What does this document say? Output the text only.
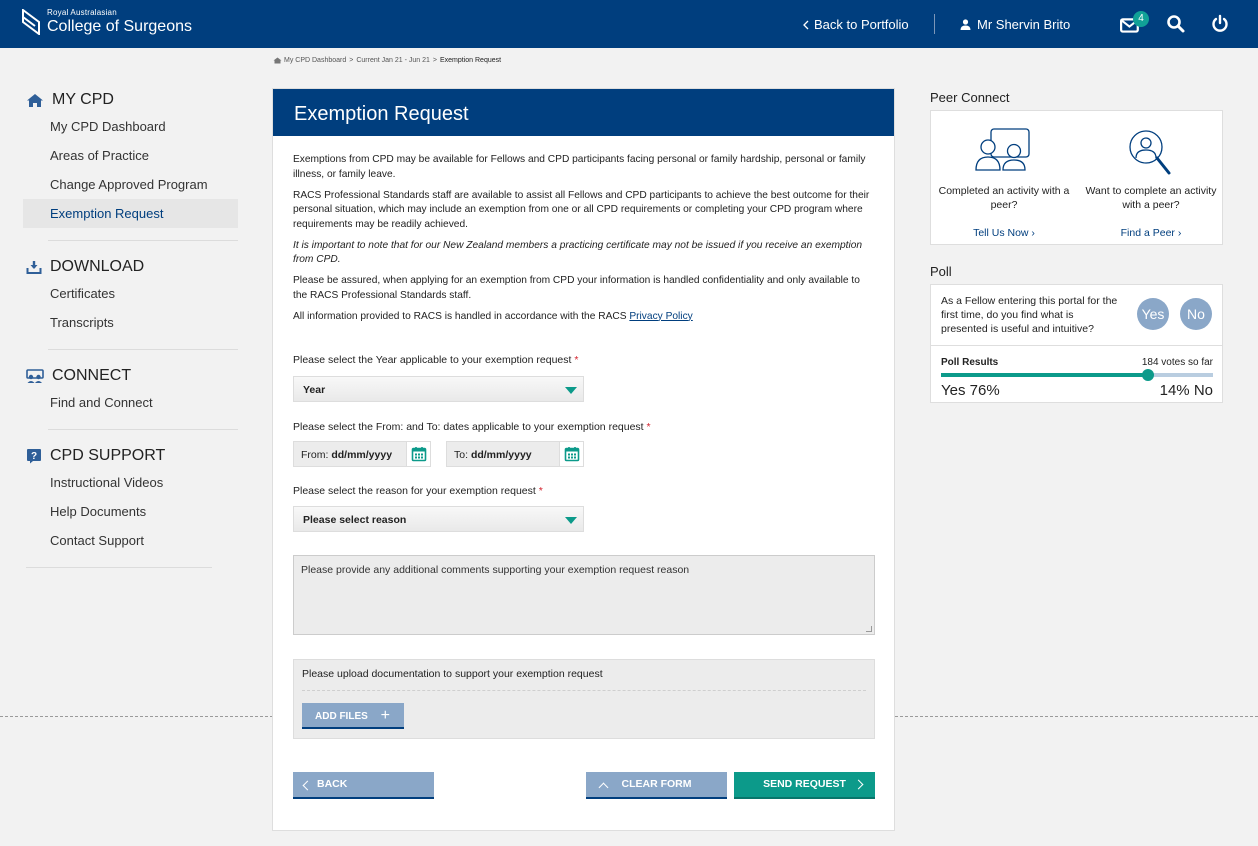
Royal Australasian
College of Surgeons	Back to Portfolio	Mr Shervin Brito	4
My CPD Dashboard > Current Jan 21 - Jun 21 > Exemption Request
MY CPD
My CPD Dashboard
Areas of Practice
Change Approved Program
Exemption Request
DOWNLOAD
Certificates
Transcripts
CONNECT
Find and Connect
? CPD SUPPORT
Instructional Videos
Help Documents
Contact Support
Exemption Request

Exemptions from CPD may be available for Fellows and CPD participants facing personal or family hardship, personal or family illness, or family leave.

RACS Professional Standards staff are available to assist all Fellows and CPD participants to achieve the best outcome for their personal situation, which may include an exemption from one or all CPD requirements or completing your CPD program where requirements may be readily achieved.

It is important to note that for our New Zealand members a practicing certificate may not be issued if you receive an exemption from CPD.

Please be assured, when applying for an exemption from CPD your information is handled confidentiality and only available to the RACS Professional Standards staff.

All information provided to RACS is handled in accordance with the RACS Privacy Policy

Please select the Year applicable to your exemption request *
Year
Please select the From: and To: dates applicable to your exemption request *
From: dd/mm/yyyy	To: dd/mm/yyyy
Please select the reason for your exemption request *
Please select reason
Please provide any additional comments supporting your exemption request reason
Please upload documentation to support your exemption request
ADD FILES +
BACK	CLEAR FORM	SEND REQUEST
Peer Connect
Completed an activity with a peer?
Tell Us Now ›
Want to complete an activity with a peer?
Find a Peer ›
Poll
As a Fellow entering this portal for the first time, do you find what is presented is useful and intuitive?
Yes	No
Poll Results	184 votes so far
Yes 76%	14% No
